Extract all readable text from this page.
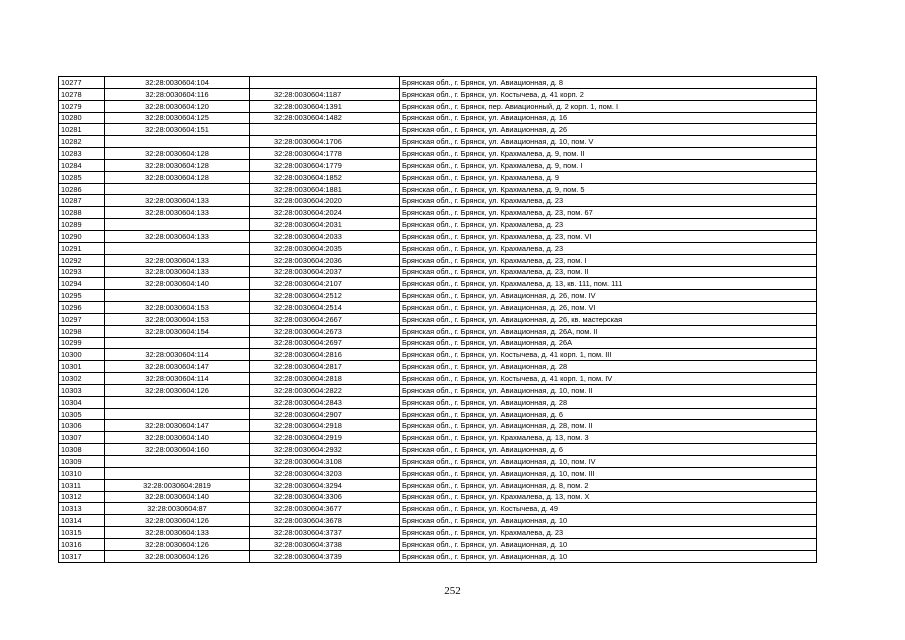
10277	32:28:0030604:104		Брянская обл., г. Брянск, ул. Авиационная, д. 8
10278	32:28:0030604:116	32:28:0030604:1187	Брянская обл., г. Брянск, ул. Костычева, д. 41 корп. 2
10279	32:28:0030604:120	32:28:0030604:1391	Брянская обл., г. Брянск, пер. Авиационный, д. 2 корп. 1, пом. I
10280	32:28:0030604:125	32:28:0030604:1482	Брянская обл., г. Брянск, ул. Авиационная, д. 16
10281	32:28:0030604:151		Брянская обл., г. Брянск, ул. Авиационная, д. 26
10282		32:28:0030604:1706	Брянская обл., г. Брянск, ул. Авиационная, д. 10, пом. V
10283	32:28:0030604:128	32:28:0030604:1778	Брянская обл., г. Брянск, ул. Крахмалева, д. 9, пом. II
10284	32:28:0030604:128	32:28:0030604:1779	Брянская обл., г. Брянск, ул. Крахмалева, д. 9, пом. I
10285	32:28:0030604:128	32:28:0030604:1852	Брянская обл., г. Брянск, ул. Крахмалева, д. 9
10286		32:28:0030604:1881	Брянская обл., г. Брянск, ул. Крахмалева, д. 9, пом. 5
10287	32:28:0030604:133	32:28:0030604:2020	Брянская обл., г. Брянск, ул. Крахмалева, д. 23
10288	32:28:0030604:133	32:28:0030604:2024	Брянская обл., г. Брянск, ул. Крахмалева, д. 23, пом. 67
10289		32:28:0030604:2031	Брянская обл., г. Брянск, ул. Крахмалева, д. 23
10290	32:28:0030604:133	32:28:0030604:2033	Брянская обл., г. Брянск, ул. Крахмалева, д. 23, пом. VI
10291		32:28:0030604:2035	Брянская обл., г. Брянск, ул. Крахмалева, д. 23
10292	32:28:0030604:133	32:28:0030604:2036	Брянская обл., г. Брянск, ул. Крахмалева, д. 23, пом. I
10293	32:28:0030604:133	32:28:0030604:2037	Брянская обл., г. Брянск, ул. Крахмалева, д. 23, пом. II
10294	32:28:0030604:140	32:28:0030604:2107	Брянская обл., г. Брянск, ул. Крахмалева, д. 13, кв. 111, пом. 111
10295		32:28:0030604:2512	Брянская обл., г. Брянск, ул. Авиационная, д. 26, пом. IV
10296	32:28:0030604:153	32:28:0030604:2514	Брянская обл., г. Брянск, ул. Авиационная, д. 26, пом. VI
10297	32:28:0030604:153	32:28:0030604:2667	Брянская обл., г. Брянск, ул. Авиационная, д. 26, кв. мастерская
10298	32:28:0030604:154	32:28:0030604:2673	Брянская обл., г. Брянск, ул. Авиационная, д. 26А, пом. II
10299		32:28:0030604:2697	Брянская обл., г. Брянск, ул. Авиационная, д. 26А
10300	32:28:0030604:114	32:28:0030604:2816	Брянская обл., г. Брянск, ул. Костычева, д. 41 корп. 1, пом. III
10301	32:28:0030604:147	32:28:0030604:2817	Брянская обл., г. Брянск, ул. Авиационная, д. 28
10302	32:28:0030604:114	32:28:0030604:2818	Брянская обл., г. Брянск, ул. Костычева, д. 41 корп. 1, пом. IV
10303	32:28:0030604:126	32:28:0030604:2822	Брянская обл., г. Брянск, ул. Авиационная, д. 10, пом. II
10304		32:28:0030604:2843	Брянская обл., г. Брянск, ул. Авиационная, д. 28
10305		32:28:0030604:2907	Брянская обл., г. Брянск, ул. Авиационная, д. 6
10306	32:28:0030604:147	32:28:0030604:2918	Брянская обл., г. Брянск, ул. Авиационная, д. 28, пом. II
10307	32:28:0030604:140	32:28:0030604:2919	Брянская обл., г. Брянск, ул. Крахмалева, д. 13, пом. 3
10308	32:28:0030604:160	32:28:0030604:2932	Брянская обл., г. Брянск, ул. Авиационная, д. 6
10309		32:28:0030604:3108	Брянская обл., г. Брянск, ул. Авиационная, д. 10, пом. IV
10310		32:28:0030604:3203	Брянская обл., г. Брянск, ул. Авиационная, д. 10, пом. III
10311	32:28:0030604:2819	32:28:0030604:3294	Брянская обл., г. Брянск, ул. Авиационная, д. 8, пом. 2
10312	32:28:0030604:140	32:28:0030604:3306	Брянская обл., г. Брянск, ул. Крахмалева, д. 13, пом. X
10313	32:28:0030604:87	32:28:0030604:3677	Брянская обл., г. Брянск, ул. Костычева, д. 49
10314	32:28:0030604:126	32:28:0030604:3678	Брянская обл., г. Брянск, ул. Авиационная, д. 10
10315	32:28:0030604:133	32:28:0030604:3737	Брянская обл., г. Брянск, ул. Крахмалева, д. 23
10316	32:28:0030604:126	32:28:0030604:3738	Брянская обл., г. Брянск, ул. Авиационная, д. 10
10317	32:28:0030604:126	32:28:0030604:3739	Брянская обл., г. Брянск, ул. Авиационная, д. 10
252
